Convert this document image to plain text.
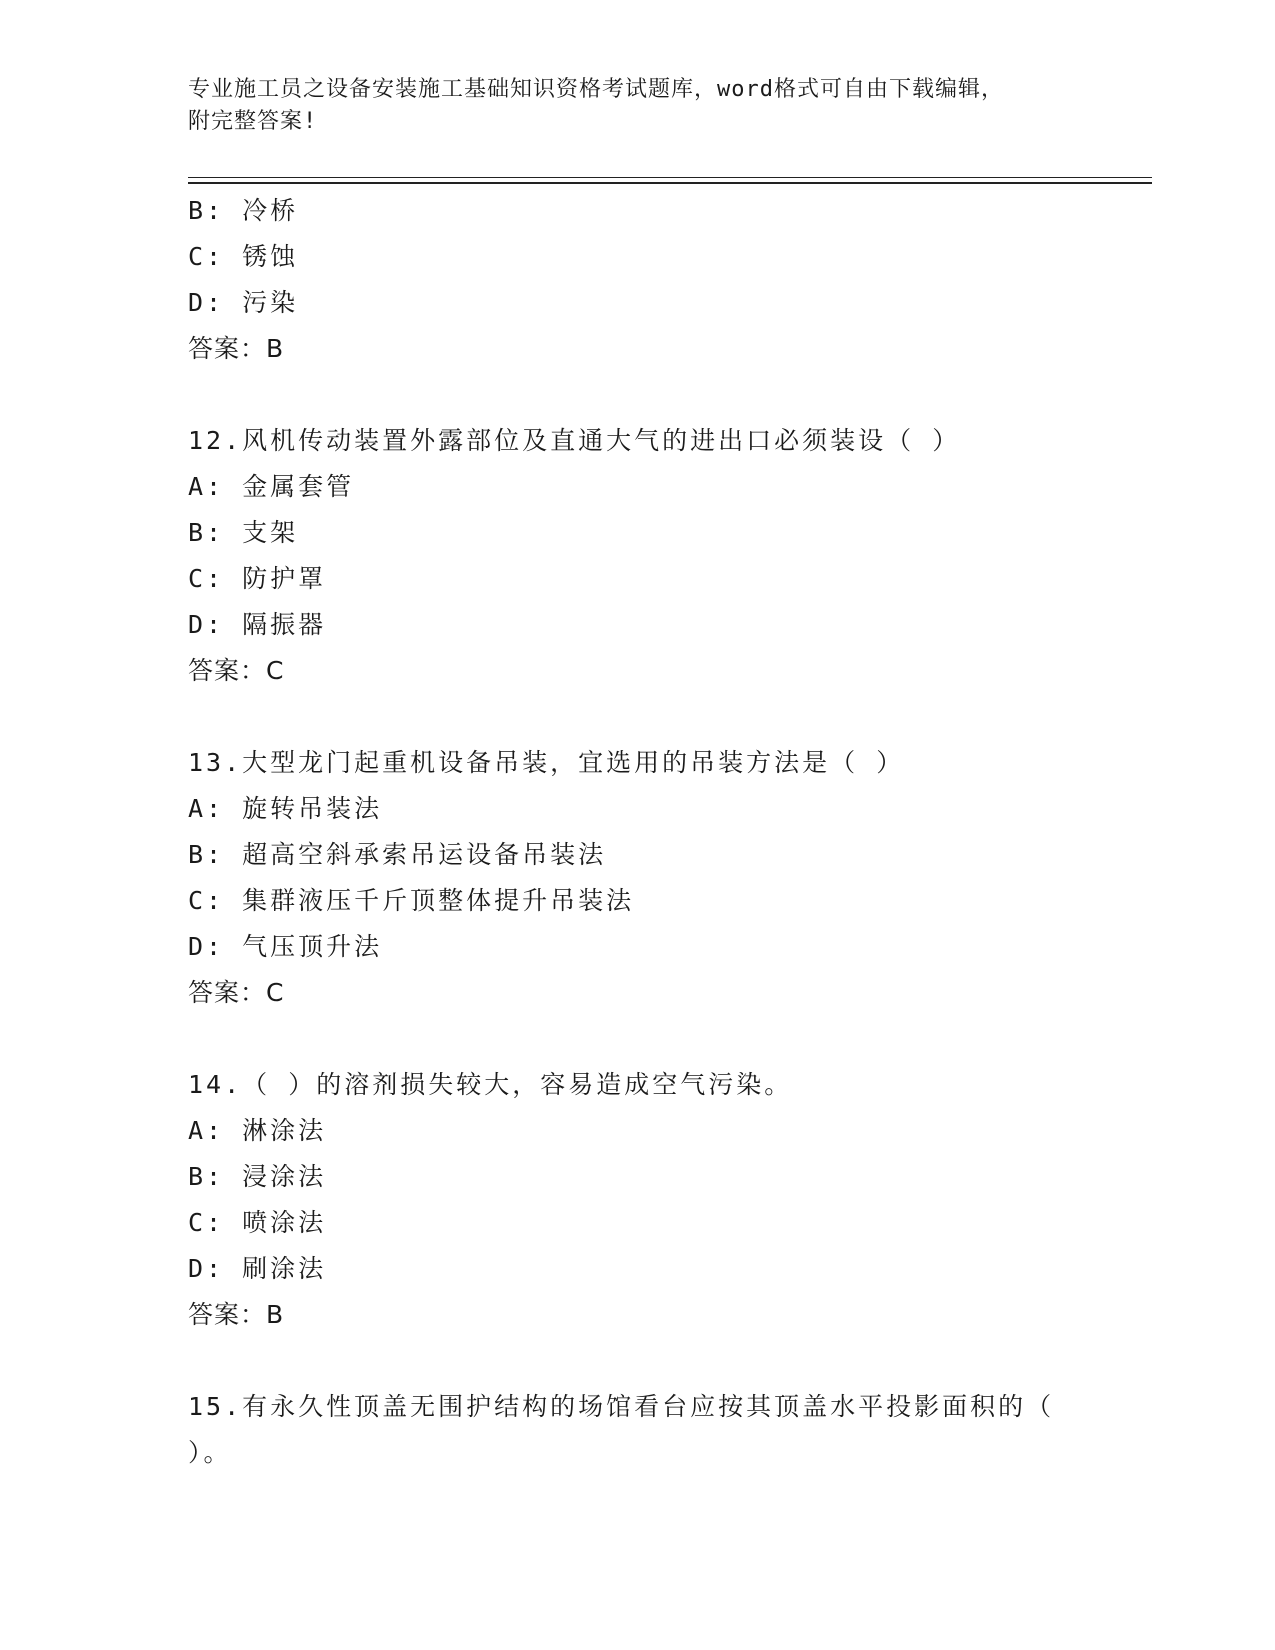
专业施工员之设备安装施工基础知识资格考试题库，word格式可自由下载编辑，
附完整答案!
B: 冷桥
C: 锈蚀
D: 污染
答案：B
12.风机传动装置外露部位及直通大气的进出口必须装设（ ）
A: 金属套管
B: 支架
C: 防护罩
D: 隔振器
答案：C
13.大型龙门起重机设备吊装，宜选用的吊装方法是（ ）
A: 旋转吊装法
B: 超高空斜承索吊运设备吊装法
C: 集群液压千斤顶整体提升吊装法
D: 气压顶升法
答案：C
14.（ ）的溶剂损失较大，容易造成空气污染。
A: 淋涂法
B: 浸涂法
C: 喷涂法
D: 刷涂法
答案：B
15.有永久性顶盖无围护结构的场馆看台应按其顶盖水平投影面积的（
）。
